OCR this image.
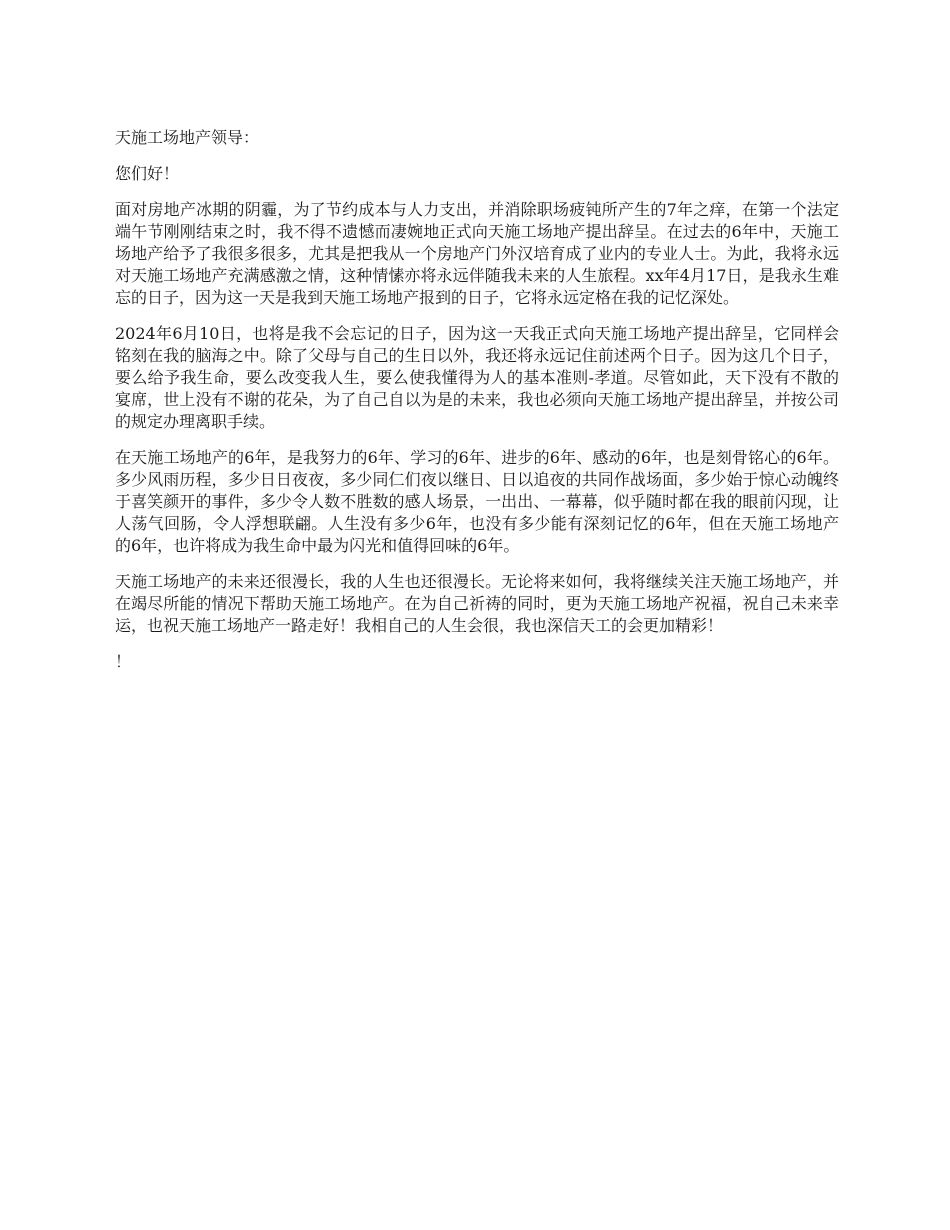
天施工场地产领导：

您们好！

面对房地产冰期的阴霾，为了节约成本与人力支出，并消除职场疲钝所产生的7年之痒，在第一个法定端午节刚刚结束之时，我不得不遗憾而凄婉地正式向天施工场地产提出辞呈。在过去的6年中，天施工场地产给予了我很多很多，尤其是把我从一个房地产门外汉培育成了业内的专业人士。为此，我将永远对天施工场地产充满感激之情，这种情愫亦将永远伴随我未来的人生旅程。xx年4月17日，是我永生难忘的日子，因为这一天是我到天施工场地产报到的日子，它将永远定格在我的记忆深处。

2024年6月10日，也将是我不会忘记的日子，因为这一天我正式向天施工场地产提出辞呈，它同样会铭刻在我的脑海之中。除了父母与自己的生日以外，我还将永远记住前述两个日子。因为这几个日子，要么给予我生命，要么改变我人生，要么使我懂得为人的基本准则-孝道。尽管如此，天下没有不散的宴席，世上没有不谢的花朵，为了自己自以为是的未来，我也必须向天施工场地产提出辞呈，并按公司的规定办理离职手续。

在天施工场地产的6年，是我努力的6年、学习的6年、进步的6年、感动的6年，也是刻骨铭心的6年。多少风雨历程，多少日日夜夜，多少同仁们夜以继日、日以追夜的共同作战场面，多少始于惊心动魄终于喜笑颜开的事件，多少令人数不胜数的感人场景，一出出、一幕幕，似乎随时都在我的眼前闪现，让人荡气回肠，令人浮想联翩。人生没有多少6年，也没有多少能有深刻记忆的6年，但在天施工场地产的6年，也许将成为我生命中最为闪光和值得回味的6年。

天施工场地产的未来还很漫长，我的人生也还很漫长。无论将来如何，我将继续关注天施工场地产，并在竭尽所能的情况下帮助天施工场地产。在为自己祈祷的同时，更为天施工场地产祝福，祝自己未来幸运，也祝天施工场地产一路走好！我相自己的人生会很，我也深信天工的会更加精彩！

！
